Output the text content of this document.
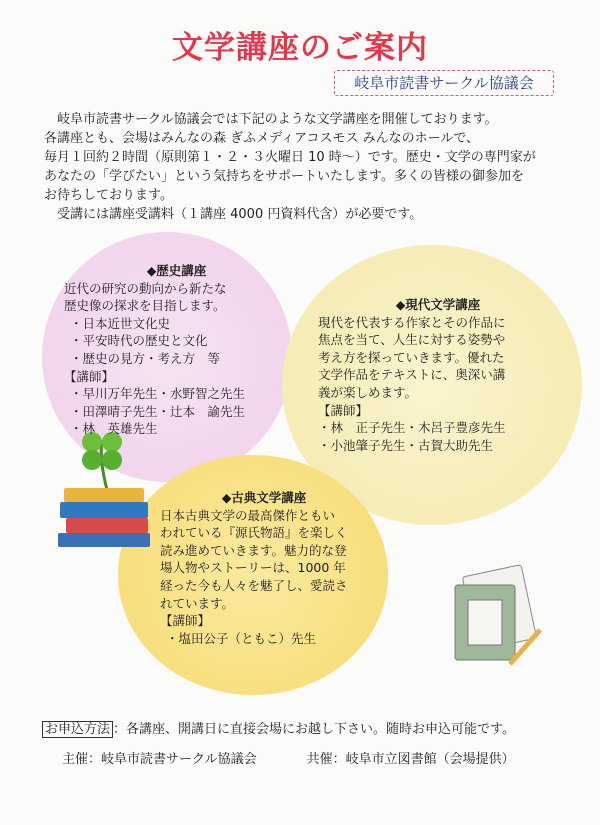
文学講座のご案内
岐阜市読書サークル協議会

岐阜市読書サークル協議会では下記のような文学講座を開催しております。

各講座とも、会場はみんなの森 ぎふメディアコスモス みんなのホールで、

毎月１回約２時間（原則第１・２・３火曜日 10 時～）です。歴史・文学の専門家が

あなたの「学びたい」という気持ちをサポートいたします。多くの皆様の御参加を

お待ちしております。

受講には講座受講料（１講座 4000 円資料代含）が必要です。

◆歴史講座
近代の研究の動向から新たな
歴史像の探求を目指します。
・日本近世文化史
・平安時代の歴史と文化
・歴史の見方・考え方　等
【講師】
・早川万年先生・水野智之先生
・田澤晴子先生・辻本　諭先生
・林　英雄先生
◆現代文学講座
現代を代表する作家とその作品に
焦点を当て、人生に対する姿勢や
考え方を探っていきます。優れた
文学作品をテキストに、奥深い講
義が楽しめます。
【講師】
・林　正子先生・木呂子豊彦先生
・小池肇子先生・古賀大助先生
◆古典文学講座
日本古典文学の最高傑作ともい
われている『源氏物語』を楽しく
読み進めていきます。魅力的な登
場人物やストーリーは、1000 年
経った今も人々を魅了し、愛読さ
れています。
【講師】
・塩田公子（ともこ）先生
お申込方法 ：各講座、開講日に直接会場にお越し下さい。随時お申込可能です。
主催：岐阜市読書サークル協議会	共催：岐阜市立図書館（会場提供）
